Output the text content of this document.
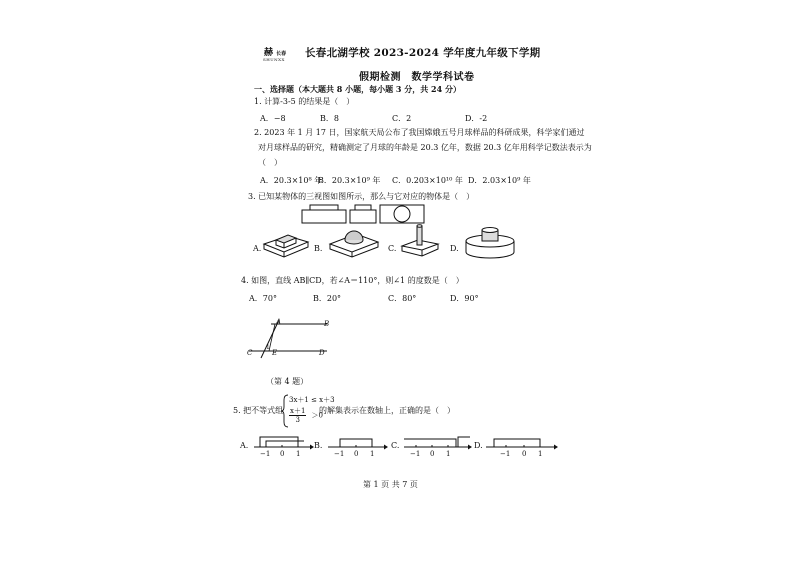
赫 长春
SHUNXX
长春北湖学校 2023-2024 学年度九年级下学期
假期检测　数学学科试卷
一、选择题（本大题共 8 小题，每小题 3 分，共 24 分）
1. 计算-3-5 的结果是（　）
A．−8	B．8	C．2	D．-2
2. 2023 年 1 月 17 日，国家航天局公布了我国嫦娥五号月球样品的科研成果，科学家们通过
对月球样品的研究，精确测定了月球的年龄是 20.3 亿年，数据 20.3 亿年用科学记数法表示为
（　）
A．20.3×10⁸ 年
B．20.3×10⁹ 年 C．0.203×10¹⁰ 年 D．2.03×10⁹ 年
3. 已知某物体的三视图如图所示，那么与它对应的物体是（　）
A.	B.	C.	D.
4. 如图，直线 AB∥CD，若∠A＝110°，则∠1 的度数是（　）
A．70°	B．20°	C．80°	D．90°
A	B
1
C	E	D
（第 4 题）
5. 把不等式组
3x＋1 ≤ x＋3
$\frac{x+1}{3} >0$
的解集表示在数轴上，正确的是（　）
A.	B.	C.	D.
−1 0 1	−1 0 1	−1 0 1	−1 0 1
第 1 页 共 7 页
